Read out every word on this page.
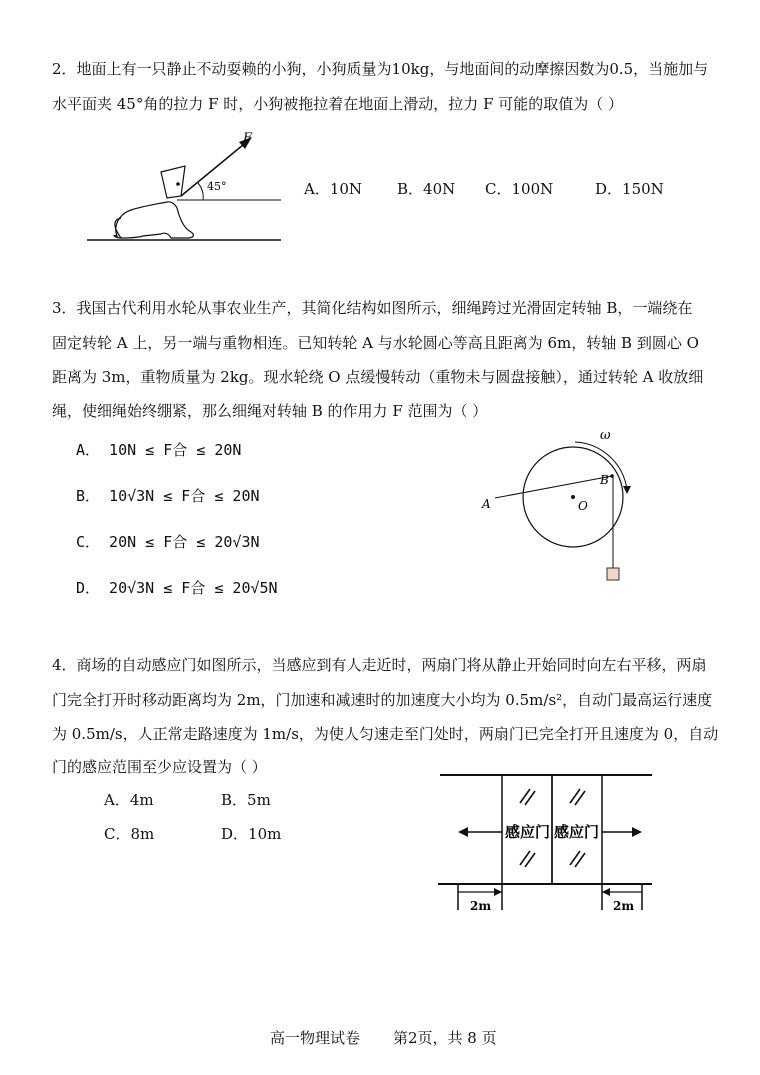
2．地面上有一只静止不动耍赖的小狗，小狗质量为10kg，与地面间的动摩擦因数为0.5，当施加与
水平面夹 45°角的拉力 F 时，小狗被拖拉着在地面上滑动，拉力 F 可能的取值为（ ）
F
45°	A．10N B．40N C．100N	D．150N
3．我国古代利用水轮从事农业生产，其简化结构如图所示，细绳跨过光滑固定转轴 B，一端绕在
固定转轮 A 上，另一端与重物相连。已知转轮 A 与水轮圆心等高且距离为 6m，转轴 B 到圆心 O
距离为 3m，重物质量为 2kg。现水轮绕 O 点缓慢转动（重物未与圆盘接触），通过转轮 A 收放细
绳，使细绳始终绷紧，那么细绳对转轴 B 的作用力 F 范围为（ ）
A． 10N ≤ F合 ≤ 20N
B． 10√3N ≤ F合 ≤ 20N
C． 20N ≤ F合 ≤ 20√3N
D． 20√3N ≤ F合 ≤ 20√5N
O
A
B
ω
4．商场的自动感应门如图所示，当感应到有人走近时，两扇门将从静止开始同时向左右平移，两扇
门完全打开时移动距离均为 2m，门加速和减速时的加速度大小均为 0.5m/s²，自动门最高运行速度
为 0.5m/s，人正常走路速度为 1m/s，为使人匀速走至门处时，两扇门已完全打开且速度为 0，自动
门的感应范围至少应设置为（ ）
A．4m	B．5m
C．8m	D．10m	感应门 感应门
2m	2m
高一物理试卷 第2页，共 8 页
